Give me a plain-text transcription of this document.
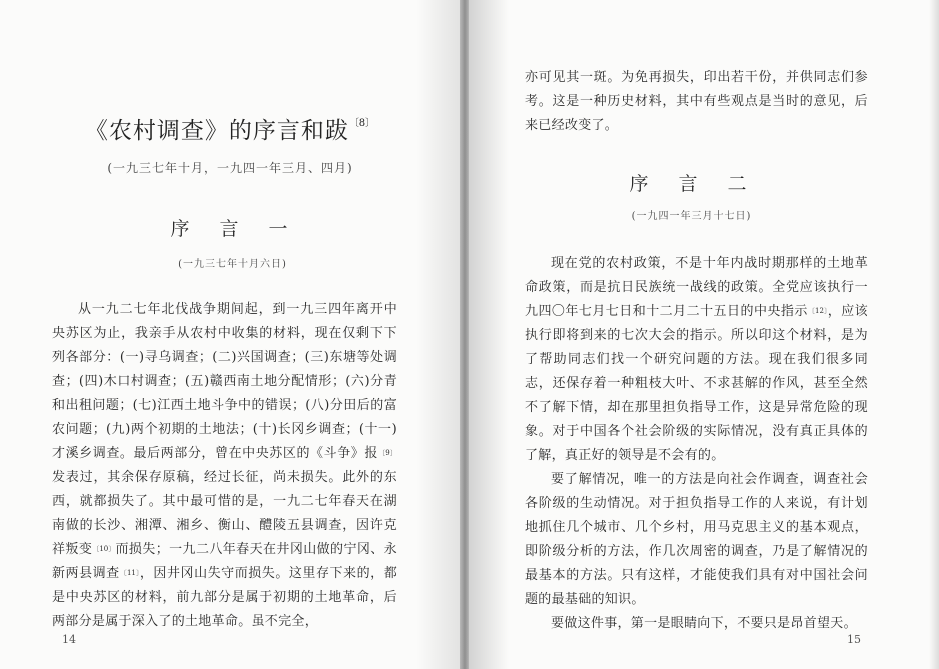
《农村调查》的序言和跋$^{〔8〕}$
(一九三七年十月，一九四一年三月、四月)
序 言 一
(一九三七年十月六日)

从一九二七年北伐战争期间起，到一九三四年离开中央苏区为止，我亲手从农村中收集的材料，现在仅剩下下列各部分：(一)寻乌调查；(二)兴国调查；(三)东塘等处调查；(四)木口村调查；(五)赣西南土地分配情形；(六)分青和出租问题；(七)江西土地斗争中的错误；(八)分田后的富农问题；(九)两个初期的土地法；(十)长冈乡调查；(十一)才溪乡调查。最后两部分，曾在中央苏区的《斗争》报$^{〔9〕}$发表过，其余保存原稿，经过长征，尚未损失。此外的东西，就都损失了。其中最可惜的是，一九二七年春天在湖南做的长沙、湘潭、湘乡、衡山、醴陵五县调查，因许克祥叛变$^{〔10〕}$而损失；一九二八年春天在井冈山做的宁冈、永新两县调查$^{〔11〕}$，因井冈山失守而损失。这里存下来的，都是中央苏区的材料，前九部分是属于初期的土地革命，后两部分是属于深入了的土地革命。虽不完全，

14

亦可见其一斑。为免再损失，印出若干份，并供同志们参考。这是一种历史材料，其中有些观点是当时的意见，后来已经改变了。

序 言 二
(一九四一年三月十七日)

现在党的农村政策，不是十年内战时期那样的土地革命政策，而是抗日民族统一战线的政策。全党应该执行一九四〇年七月七日和十二月二十五日的中央指示$^{〔12〕}$，应该执行即将到来的七次大会的指示。所以印这个材料，是为了帮助同志们找一个研究问题的方法。现在我们很多同志，还保存着一种粗枝大叶、不求甚解的作风，甚至全然不了解下情，却在那里担负指导工作，这是异常危险的现象。对于中国各个社会阶级的实际情况，没有真正具体的了解，真正好的领导是不会有的。

要了解情况，唯一的方法是向社会作调查，调查社会各阶级的生动情况。对于担负指导工作的人来说，有计划地抓住几个城市、几个乡村，用马克思主义的基本观点，即阶级分析的方法，作几次周密的调查，乃是了解情况的最基本的方法。只有这样，才能使我们具有对中国社会问题的最基础的知识。

要做这件事，第一是眼睛向下，不要只是昂首望天。

15
